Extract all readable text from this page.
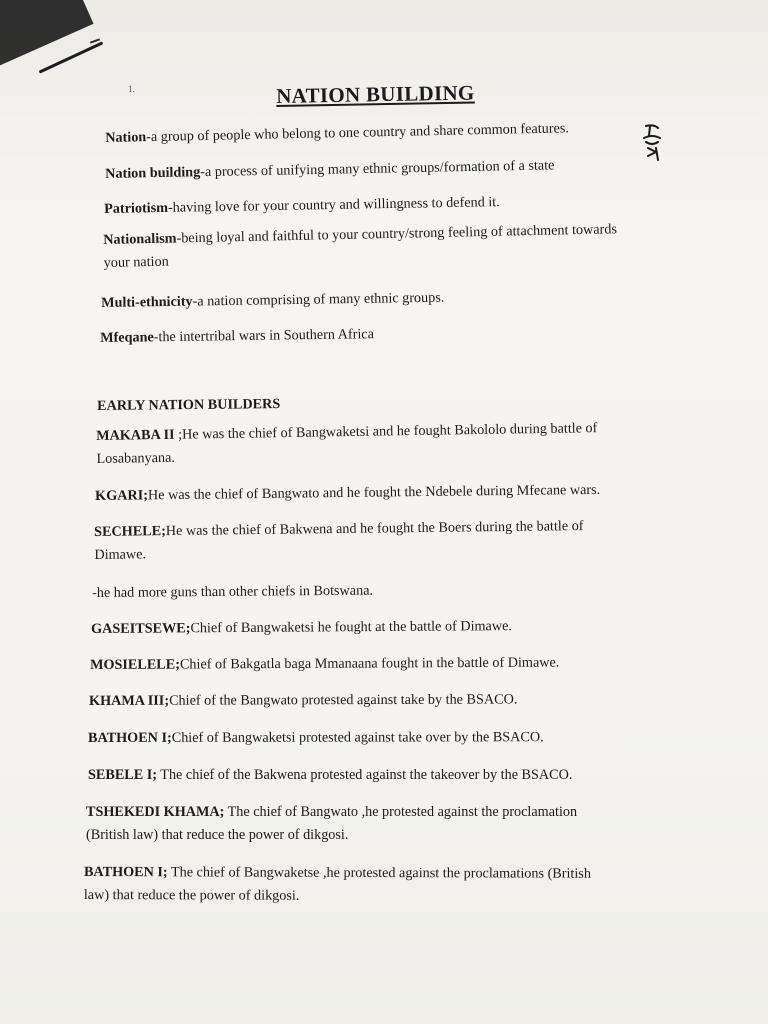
1.	NATION BUILDING
Nation-a group of people who belong to one country and share common features.
Nation building-a process of unifying many ethnic groups/formation of a state
Patriotism-having love for your country and willingness to defend it.
Nationalism-being loyal and faithful to your country/strong feeling of attachment towards
your nation
Multi-ethnicity-a nation comprising of many ethnic groups.
Mfeqane-the intertribal wars in Southern Africa
EARLY NATION BUILDERS
MAKABA II ;He was the chief of Bangwaketsi and he fought Bakololo during battle of
Losabanyana.
KGARI;He was the chief of Bangwato and he fought the Ndebele during Mfecane wars.
SECHELE;He was the chief of Bakwena and he fought the Boers during the battle of
Dimawe.
-he had more guns than other chiefs in Botswana.
GASEITSEWE;Chief of Bangwaketsi he fought at the battle of Dimawe.
MOSIELELE;Chief of Bakgatla baga Mmanaana fought in the battle of Dimawe.
KHAMA III;Chief of the Bangwato protested against take by the BSACO.
BATHOEN I;Chief of Bangwaketsi protested against take over by the BSACO.
SEBELE I; The chief of the Bakwena protested against the takeover by the BSACO.
TSHEKEDI KHAMA; The chief of Bangwato ,he protested against the proclamation
(British law) that reduce the power of dikgosi.
BATHOEN I; The chief of Bangwaketse ,he protested against the proclamations (British
law) that reduce the power of dikgosi.
